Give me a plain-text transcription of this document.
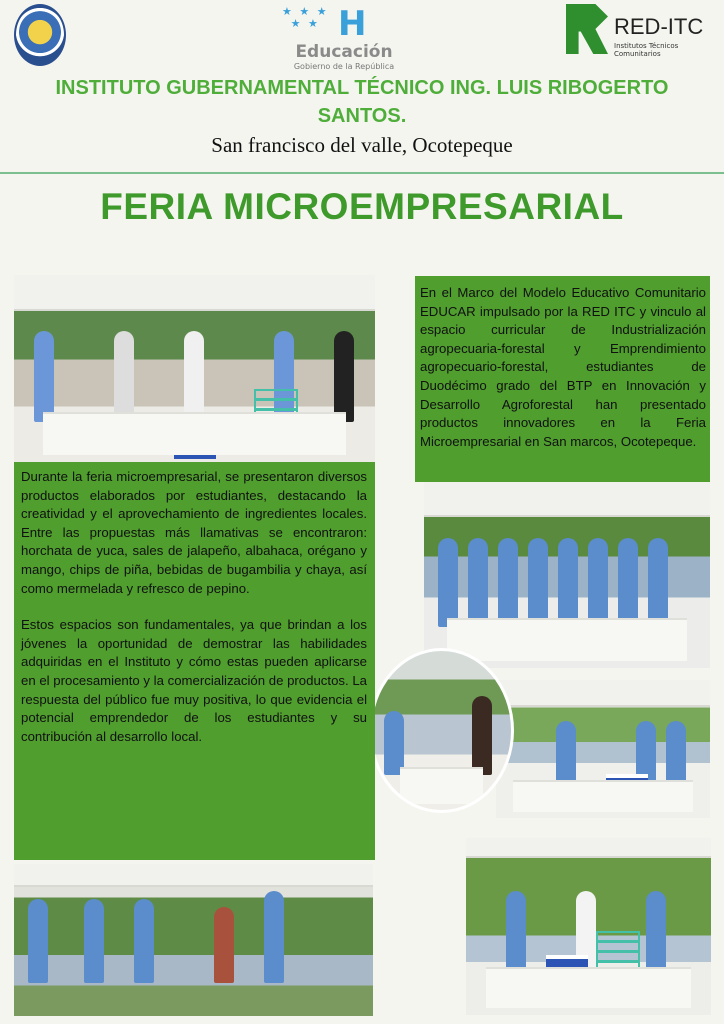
★ ★ ★
★ ★ H
Educación
Gobierno de la República
RED-ITC
Institutos Técnicos Comunitarios
INSTITUTO GUBERNAMENTAL TÉCNICO ING. LUIS RIBOGERTO
SANTOS.
San francisco del valle, Ocotepeque
FERIA MICROEMPRESARIAL
En el Marco del Modelo Educativo Comunitario EDUCAR impulsado por la RED ITC y vinculo al espacio curricular de Industrialización agropecuaria-forestal y Emprendimiento agropecuario-forestal, estudiantes de Duodécimo grado del BTP en Innovación y Desarrollo Agroforestal han presentado productos innovadores en la Feria Microempresarial en San marcos, Ocotepeque.

Durante la feria microempresarial, se presentaron diversos productos elaborados por estudiantes, destacando la creatividad y el aprovechamiento de ingredientes locales. Entre las propuestas más llamativas se encontraron: horchata de yuca, sales de jalapeño, albahaca, orégano y mango, chips de piña, bebidas de bugambilia y chaya, así como mermelada y refresco de pepino.

Estos espacios son fundamentales, ya que brindan a los jóvenes la oportunidad de demostrar las habilidades adquiridas en el Instituto y cómo estas pueden aplicarse en el procesamiento y la comercialización de productos. La respuesta del público fue muy positiva, lo que evidencia el potencial emprendedor de los estudiantes y su contribución al desarrollo local.
